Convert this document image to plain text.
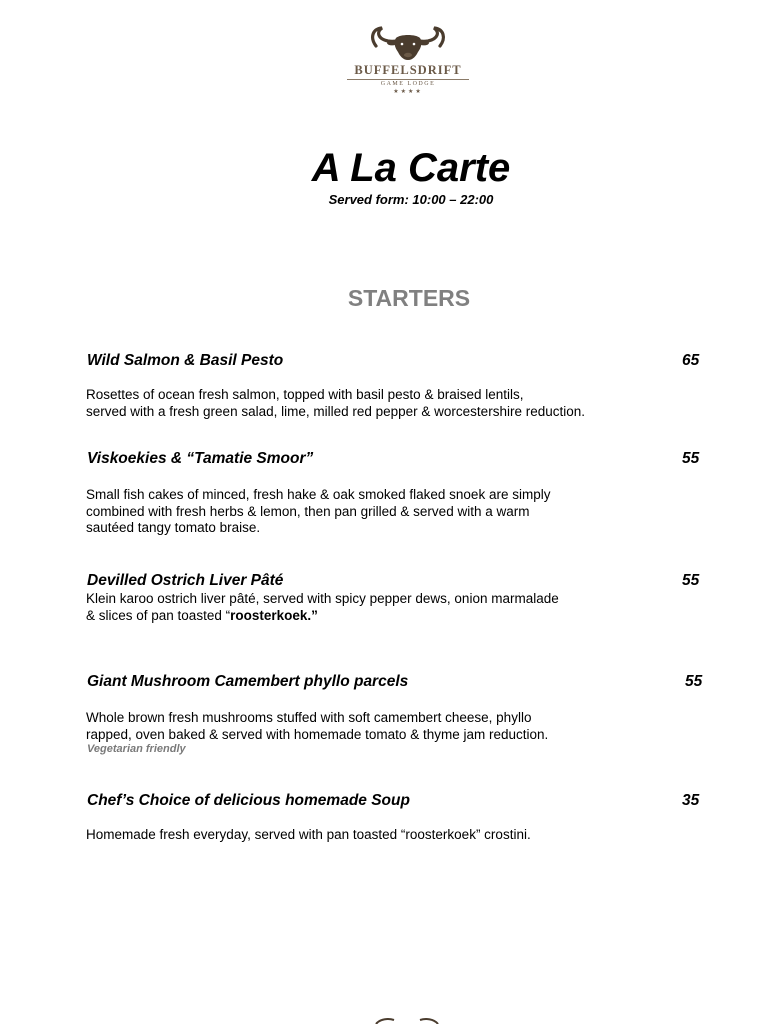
BUFFELSDRIFT
GAME LODGE
★★★★
A La Carte
Served form: 10:00 – 22:00
STARTERS
Wild Salmon & Basil Pesto	65
Rosettes of ocean fresh salmon, topped with basil pesto & braised lentils,
served with a fresh green salad, lime, milled red pepper & worcestershire reduction.
Viskoekies & “Tamatie Smoor”	55
Small fish cakes of minced, fresh hake & oak smoked flaked snoek are simply
combined with fresh herbs & lemon, then pan grilled & served with a warm
sautéed tangy tomato braise.
Devilled Ostrich Liver Pâté	55
Klein karoo ostrich liver pâté, served with spicy pepper dews, onion marmalade
& slices of pan toasted “roosterkoek.”
Giant Mushroom Camembert phyllo parcels	55
Whole brown fresh mushrooms stuffed with soft camembert cheese, phyllo
rapped, oven baked & served with homemade tomato & thyme jam reduction.
Vegetarian friendly
Chef’s Choice of delicious homemade Soup	35
Homemade fresh everyday, served with pan toasted “roosterkoek” crostini.
